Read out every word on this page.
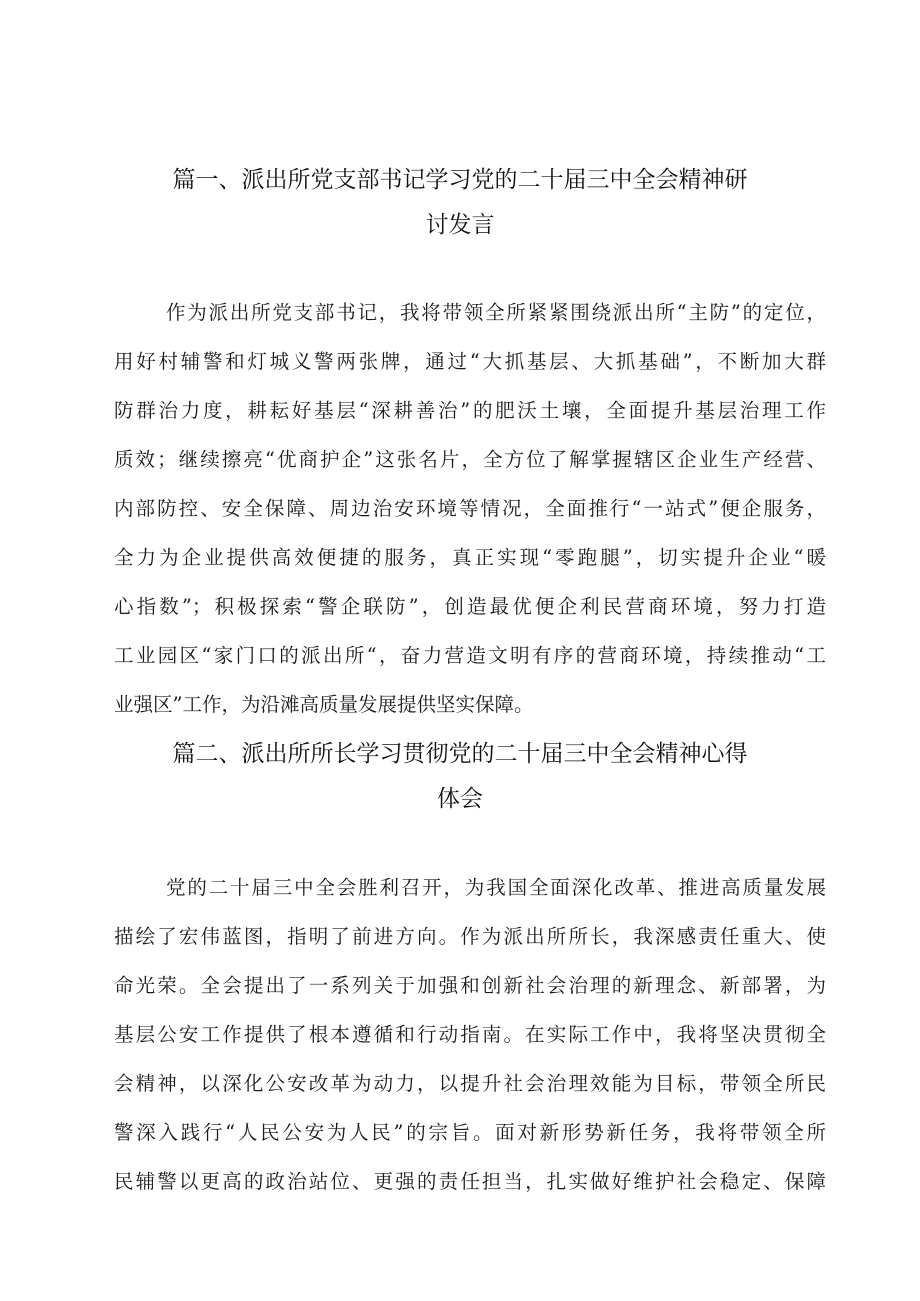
篇一、派出所党支部书记学习党的二十届三中全会精神研
讨发言
作为派出所党支部书记，我将带领全所紧紧围绕派出所“主防”的定位，
用好村辅警和灯城义警两张牌，通过“大抓基层、大抓基础”，不断加大群
防群治力度，耕耘好基层“深耕善治”的肥沃土壤，全面提升基层治理工作
质效；继续擦亮“优商护企”这张名片，全方位了解掌握辖区企业生产经营、
内部防控、安全保障、周边治安环境等情况，全面推行“一站式”便企服务，
全力为企业提供高效便捷的服务，真正实现“零跑腿”，切实提升企业“暖
心指数”；积极探索“警企联防”，创造最优便企利民营商环境，努力打造
工业园区“家门口的派出所“，奋力营造文明有序的营商环境，持续推动“工
业强区”工作，为沿滩高质量发展提供坚实保障。
篇二、派出所所长学习贯彻党的二十届三中全会精神心得
体会
党的二十届三中全会胜利召开，为我国全面深化改革、推进高质量发展
描绘了宏伟蓝图，指明了前进方向。作为派出所所长，我深感责任重大、使
命光荣。全会提出了一系列关于加强和创新社会治理的新理念、新部署，为
基层公安工作提供了根本遵循和行动指南。在实际工作中，我将坚决贯彻全
会精神，以深化公安改革为动力，以提升社会治理效能为目标，带领全所民
警深入践行“人民公安为人民”的宗旨。面对新形势新任务，我将带领全所
民辅警以更高的政治站位、更强的责任担当，扎实做好维护社会稳定、保障
